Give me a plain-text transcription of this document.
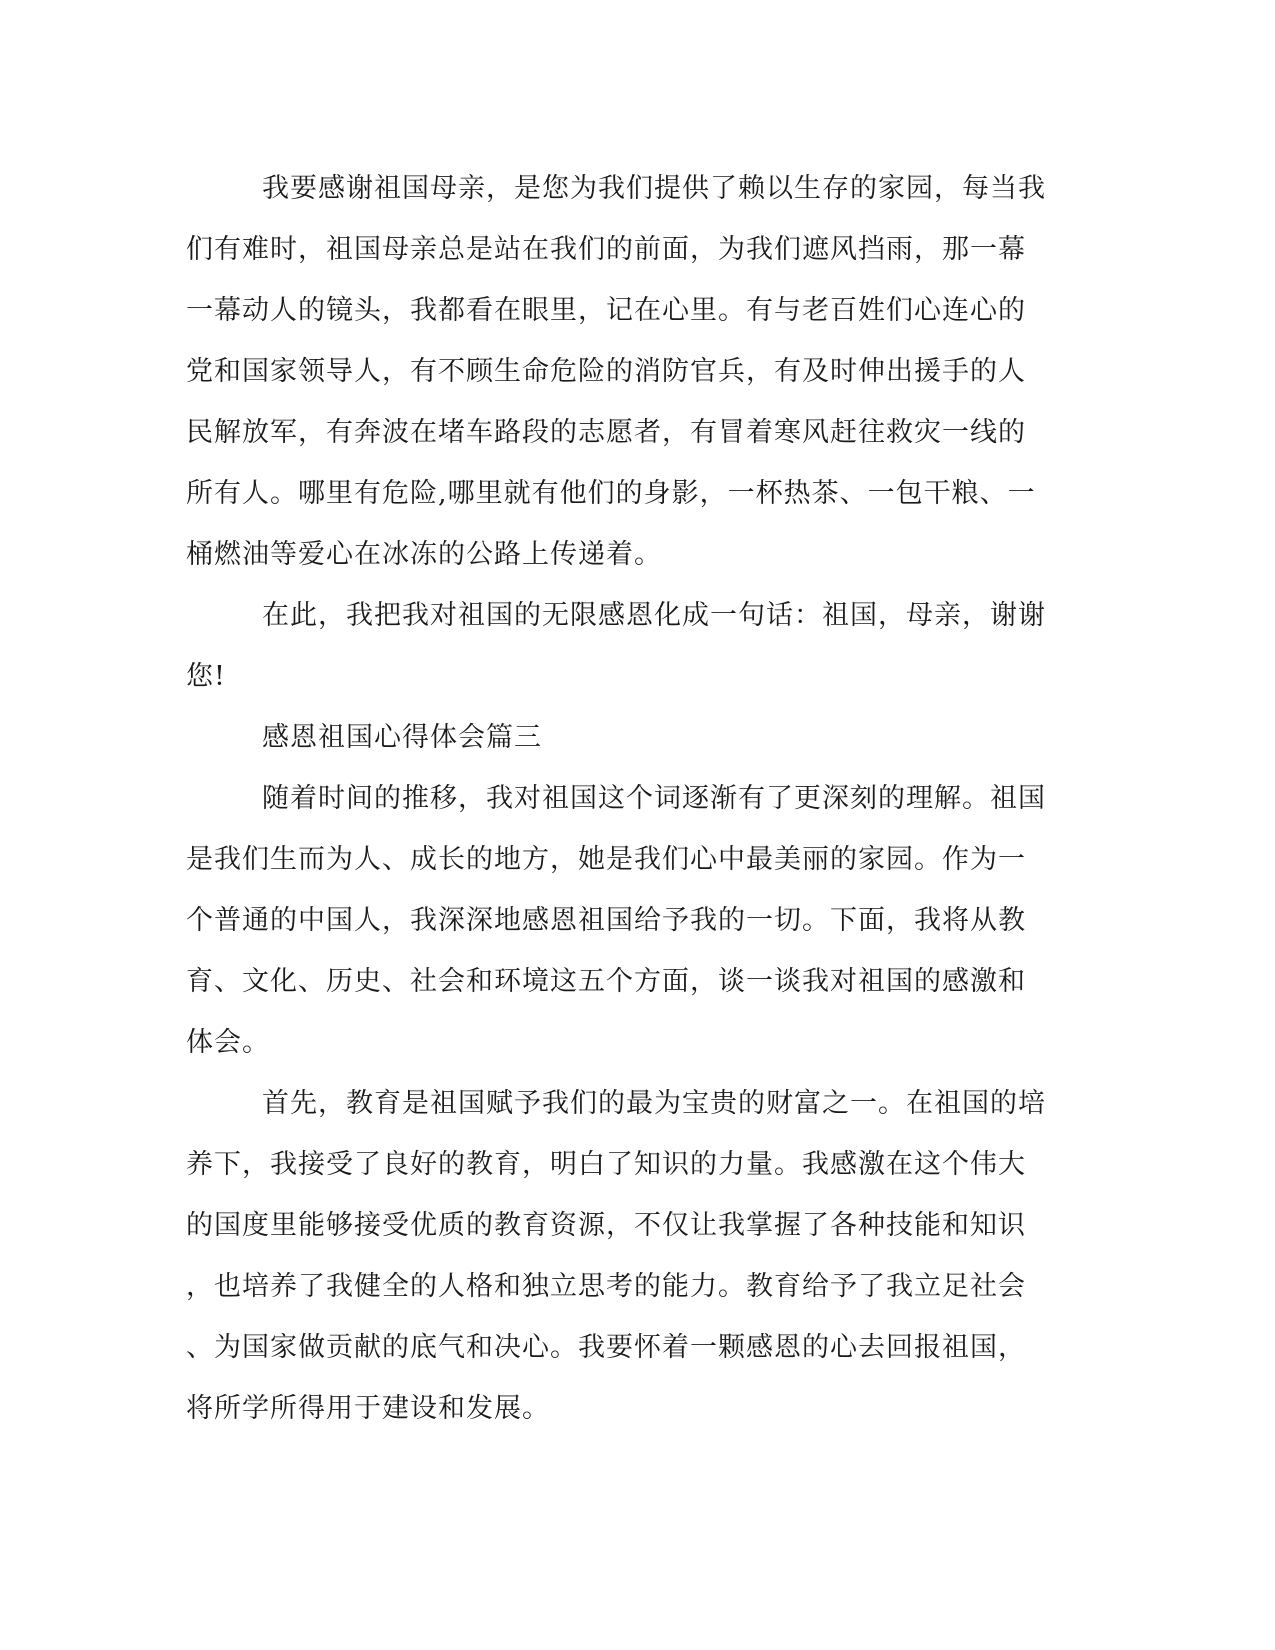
我要感谢祖国母亲，是您为我们提供了赖以生存的家园，每当我
们有难时，祖国母亲总是站在我们的前面，为我们遮风挡雨，那一幕
一幕动人的镜头，我都看在眼里，记在心里。有与老百姓们心连心的
党和国家领导人，有不顾生命危险的消防官兵，有及时伸出援手的人
民解放军，有奔波在堵车路段的志愿者，有冒着寒风赶往救灾一线的
所有人。哪里有危险,哪里就有他们的身影，一杯热茶、一包干粮、一
桶燃油等爱心在冰冻的公路上传递着。

在此，我把我对祖国的无限感恩化成一句话：祖国，母亲，谢谢
您!

感恩祖国心得体会篇三

随着时间的推移，我对祖国这个词逐渐有了更深刻的理解。祖国
是我们生而为人、成长的地方，她是我们心中最美丽的家园。作为一
个普通的中国人，我深深地感恩祖国给予我的一切。下面，我将从教
育、文化、历史、社会和环境这五个方面，谈一谈我对祖国的感激和
体会。

首先，教育是祖国赋予我们的最为宝贵的财富之一。在祖国的培
养下，我接受了良好的教育，明白了知识的力量。我感激在这个伟大
的国度里能够接受优质的教育资源，不仅让我掌握了各种技能和知识
，也培养了我健全的人格和独立思考的能力。教育给予了我立足社会
、为国家做贡献的底气和决心。我要怀着一颗感恩的心去回报祖国，
将所学所得用于建设和发展。
